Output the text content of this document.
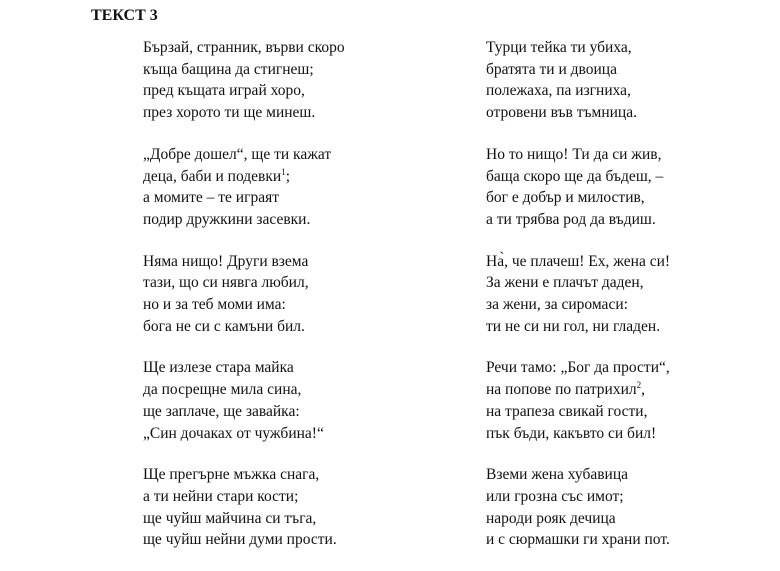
ТЕКСТ 3
Бързай, странник, върви скоро
къща бащина да стигнеш;
пред къщата играй хоро,
през хорото ти ще минеш.
„Добре дошел“, ще ти кажат
деца, баби и подевки$^1$;
а момите – те играят
подир дружкини засевки.
Няма нищо! Други взема
тази, що си нявга любил,
но и за теб моми има:
бога не си с камъни бил.
Ще излезе стара майка
да посрещне мила сина,
ще заплаче, ще завайка:
„Син дочаках от чужбина!“
Ще прегърне мъжка снага,
а ти нейни стари кости;
ще чуйш майчина си тъга,
ще чуйш нейни думи прости.
Турци тейка ти убиха,
братята ти и двоица
полежаха, па изгниха,
отровени във тъмница.
Но то нищо! Ти да си жив,
баща скоро ще да бъдеш, –
бог е добър и милостив,
а ти трябва род да въдиш.
На̀, че плачеш! Ех, жена си!
За жени е плачът даден,
за жени, за сиромаси:
ти не си ни гол, ни гладен.
Речи тамо: „Бог да прости“,
на попове по патрихил$^2$,
на трапеза свикай гости,
пък бъди, какъвто си бил!
Вземи жена хубавица
или грозна със имот;
народи рояк дечица
и с сюрмашки ги храни пот.
